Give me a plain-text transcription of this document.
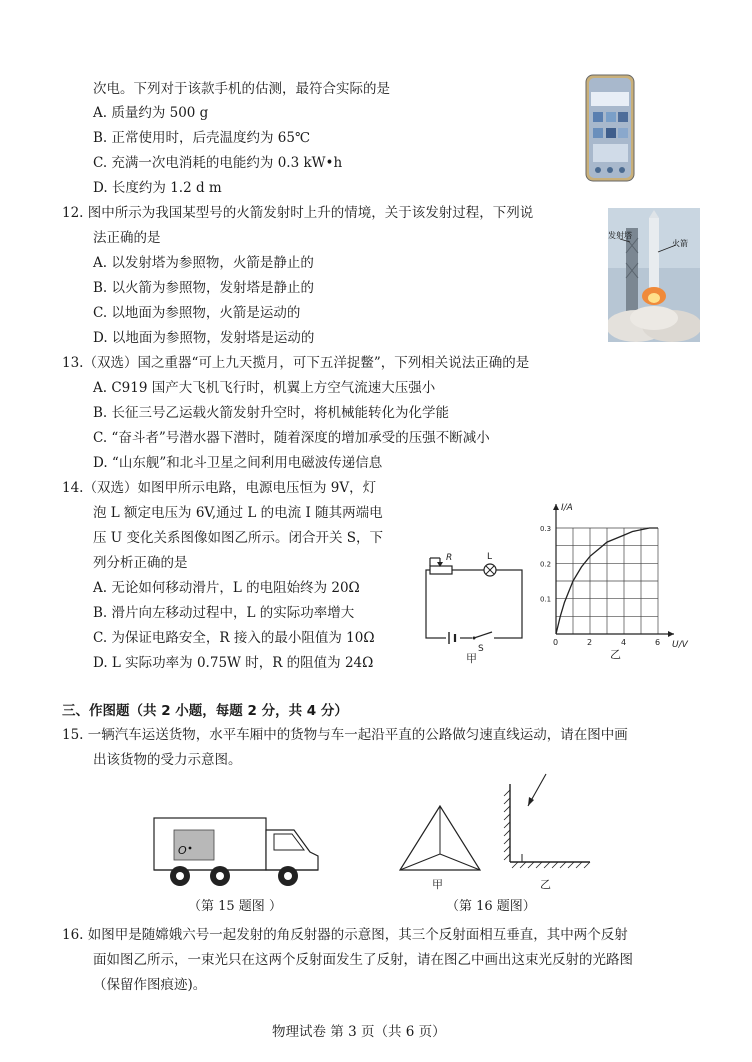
次电。下列对于该款手机的估测，最符合实际的是
A. 质量约为 500 g
B. 正常使用时，后壳温度约为 65℃
C. 充满一次电消耗的电能约为 0.3 kW•h
D. 长度约为 1.2 d m
12. 图中所示为我国某型号的火箭发射时上升的情境，关于该发射过程，下列说
法正确的是
A. 以发射塔为参照物，火箭是静止的
B. 以火箭为参照物，发射塔是静止的
C. 以地面为参照物，火箭是运动的
D. 以地面为参照物，发射塔是运动的
发射塔
火箭
13.（双选）国之重器“可上九天揽月，可下五洋捉鳖”，下列相关说法正确的是
A. C919 国产大飞机飞行时，机翼上方空气流速大压强小
B. 长征三号乙运载火箭发射升空时，将机械能转化为化学能
C. “奋斗者”号潜水器下潜时，随着深度的增加承受的压强不断减小
D. “山东舰”和北斗卫星之间利用电磁波传递信息
14.（双选）如图甲所示电路，电源电压恒为 9V，灯
泡 L 额定电压为 6V,通过 L 的电流 I 随其两端电
压 U 变化关系图像如图乙所示。闭合开关 S，下
列分析正确的是
A. 无论如何移动滑片，L 的电阻始终为 20Ω
B. 滑片向左移动过程中，L 的实际功率增大
C. 为保证电路安全，R 接入的最小阻值为 10Ω
D. L 实际功率为 0.75W 时，R 的阻值为 24Ω
R	L
S
甲
0	2	4	6
0.1
0.2
0.3
I/A
U/V
乙
三、作图题（共 2 小题，每题 2 分，共 4 分）
15. 一辆汽车运送货物，水平车厢中的货物与车一起沿平直的公路做匀速直线运动，请在图中画
出该货物的受力示意图。
O
（第 15 题图 ）
甲	乙
（第 16 题图）
16. 如图甲是随嫦娥六号一起发射的角反射器的示意图，其三个反射面相互垂直，其中两个反射
面如图乙所示，一束光只在这两个反射面发生了反射，请在图乙中画出这束光反射的光路图
（保留作图痕迹)。
物理试卷 第 3 页（共 6 页）
